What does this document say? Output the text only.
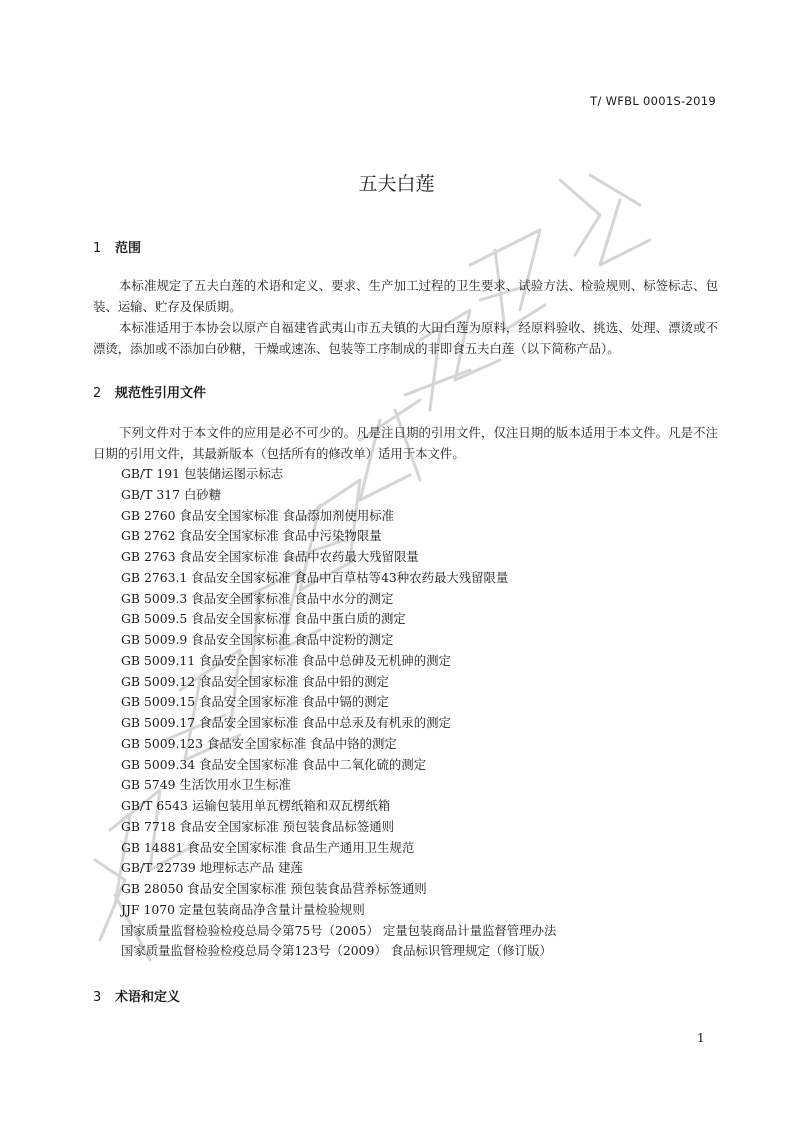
T/ WFBL 0001S-2019
五夫白莲
1 范围
本标准规定了五夫白莲的术语和定义、要求、生产加工过程的卫生要求、试验方法、检验规则、标签标志、包装、运输、贮存及保质期。
本标准适用于本协会以原产自福建省武夷山市五夫镇的大田白莲为原料，经原料验收、挑选、处理、漂烫或不漂烫，添加或不添加白砂糖，干燥或速冻、包装等工序制成的非即食五夫白莲（以下简称产品）。
2 规范性引用文件
下列文件对于本文件的应用是必不可少的。凡是注日期的引用文件，仅注日期的版本适用于本文件。凡是不注日期的引用文件，其最新版本（包括所有的修改单）适用于本文件。
GB/T 191 包装储运图示标志
GB/T 317 白砂糖
GB 2760 食品安全国家标准 食品添加剂使用标准
GB 2762 食品安全国家标准 食品中污染物限量
GB 2763 食品安全国家标准 食品中农药最大残留限量
GB 2763.1 食品安全国家标准 食品中百草枯等43种农药最大残留限量
GB 5009.3 食品安全国家标准 食品中水分的测定
GB 5009.5 食品安全国家标准 食品中蛋白质的测定
GB 5009.9 食品安全国家标准 食品中淀粉的测定
GB 5009.11 食品安全国家标准 食品中总砷及无机砷的测定
GB 5009.12 食品安全国家标准 食品中铅的测定
GB 5009.15 食品安全国家标准 食品中镉的测定
GB 5009.17 食品安全国家标准 食品中总汞及有机汞的测定
GB 5009.123 食品安全国家标准 食品中铬的测定
GB 5009.34 食品安全国家标准 食品中二氧化硫的测定
GB 5749 生活饮用水卫生标准
GB/T 6543 运输包装用单瓦楞纸箱和双瓦楞纸箱
GB 7718 食品安全国家标准 预包装食品标签通则
GB 14881 食品安全国家标准 食品生产通用卫生规范
GB/T 22739 地理标志产品 建莲
GB 28050 食品安全国家标准 预包装食品营养标签通则
JJF 1070 定量包装商品净含量计量检验规则
国家质量监督检验检疫总局令第75号（2005） 定量包装商品计量监督管理办法
国家质量监督检验检疫总局令第123号（2009） 食品标识管理规定（修订版）
3 术语和定义
1
